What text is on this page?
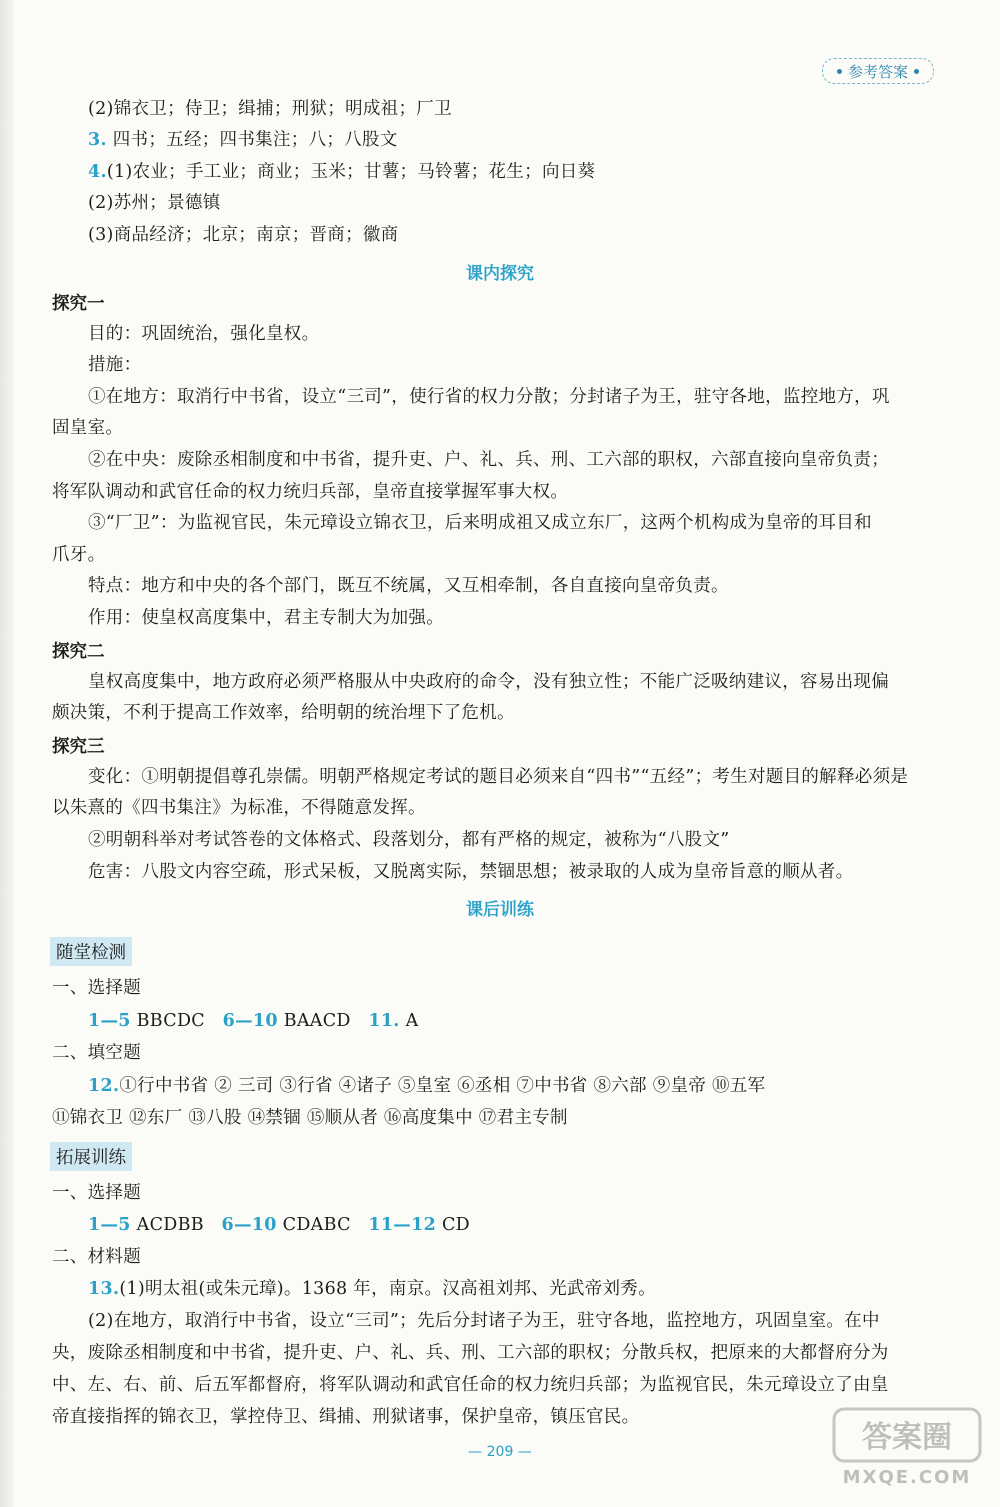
参考答案
(2)锦衣卫；侍卫；缉捕；刑狱；明成祖；厂卫
3. 四书；五经；四书集注；八；八股文
4.(1)农业；手工业；商业；玉米；甘薯；马铃薯；花生；向日葵
(2)苏州；景德镇
(3)商品经济；北京；南京；晋商；徽商
课内探究
探究一
目的：巩固统治，强化皇权。
措施：
①在地方：取消行中书省，设立“三司”，使行省的权力分散；分封诸子为王，驻守各地，监控地方，巩
固皇室。
②在中央：废除丞相制度和中书省，提升吏、户、礼、兵、刑、工六部的职权，六部直接向皇帝负责；
将军队调动和武官任命的权力统归兵部，皇帝直接掌握军事大权。
③“厂卫”：为监视官民，朱元璋设立锦衣卫，后来明成祖又成立东厂，这两个机构成为皇帝的耳目和
爪牙。
特点：地方和中央的各个部门，既互不统属，又互相牵制，各自直接向皇帝负责。
作用：使皇权高度集中，君主专制大为加强。
探究二
皇权高度集中，地方政府必须严格服从中央政府的命令，没有独立性；不能广泛吸纳建议，容易出现偏
颇决策，不利于提高工作效率，给明朝的统治埋下了危机。
探究三
变化：①明朝提倡尊孔崇儒。明朝严格规定考试的题目必须来自“四书”“五经”；考生对题目的解释必须是
以朱熹的《四书集注》为标准，不得随意发挥。
②明朝科举对考试答卷的文体格式、段落划分，都有严格的规定，被称为“八股文”
危害：八股文内容空疏，形式呆板，又脱离实际，禁锢思想；被录取的人成为皇帝旨意的顺从者。
课后训练
随堂检测
一、选择题
1—5 BBCDC 6—10 BAACD 11. A
二、填空题
12.①行中书省 ② 三司 ③行省 ④诸子 ⑤皇室 ⑥丞相 ⑦中书省 ⑧六部 ⑨皇帝 ⑩五军
⑪锦衣卫 ⑫东厂 ⑬八股 ⑭禁锢 ⑮顺从者 ⑯高度集中 ⑰君主专制
拓展训练
一、选择题
1—5 ACDBB 6—10 CDABC 11—12 CD
二、材料题
13.(1)明太祖(或朱元璋)。1368 年，南京。汉高祖刘邦、光武帝刘秀。
(2)在地方，取消行中书省，设立“三司”；先后分封诸子为王，驻守各地，监控地方，巩固皇室。在中
央，废除丞相制度和中书省，提升吏、户、礼、兵、刑、工六部的职权；分散兵权，把原来的大都督府分为
中、左、右、前、后五军都督府，将军队调动和武官任命的权力统归兵部；为监视官民，朱元璋设立了由皇
帝直接指挥的锦衣卫，掌控侍卫、缉捕、刑狱诸事，保护皇帝，镇压官民。
— 209 —	答案圈
MXQE.COM
